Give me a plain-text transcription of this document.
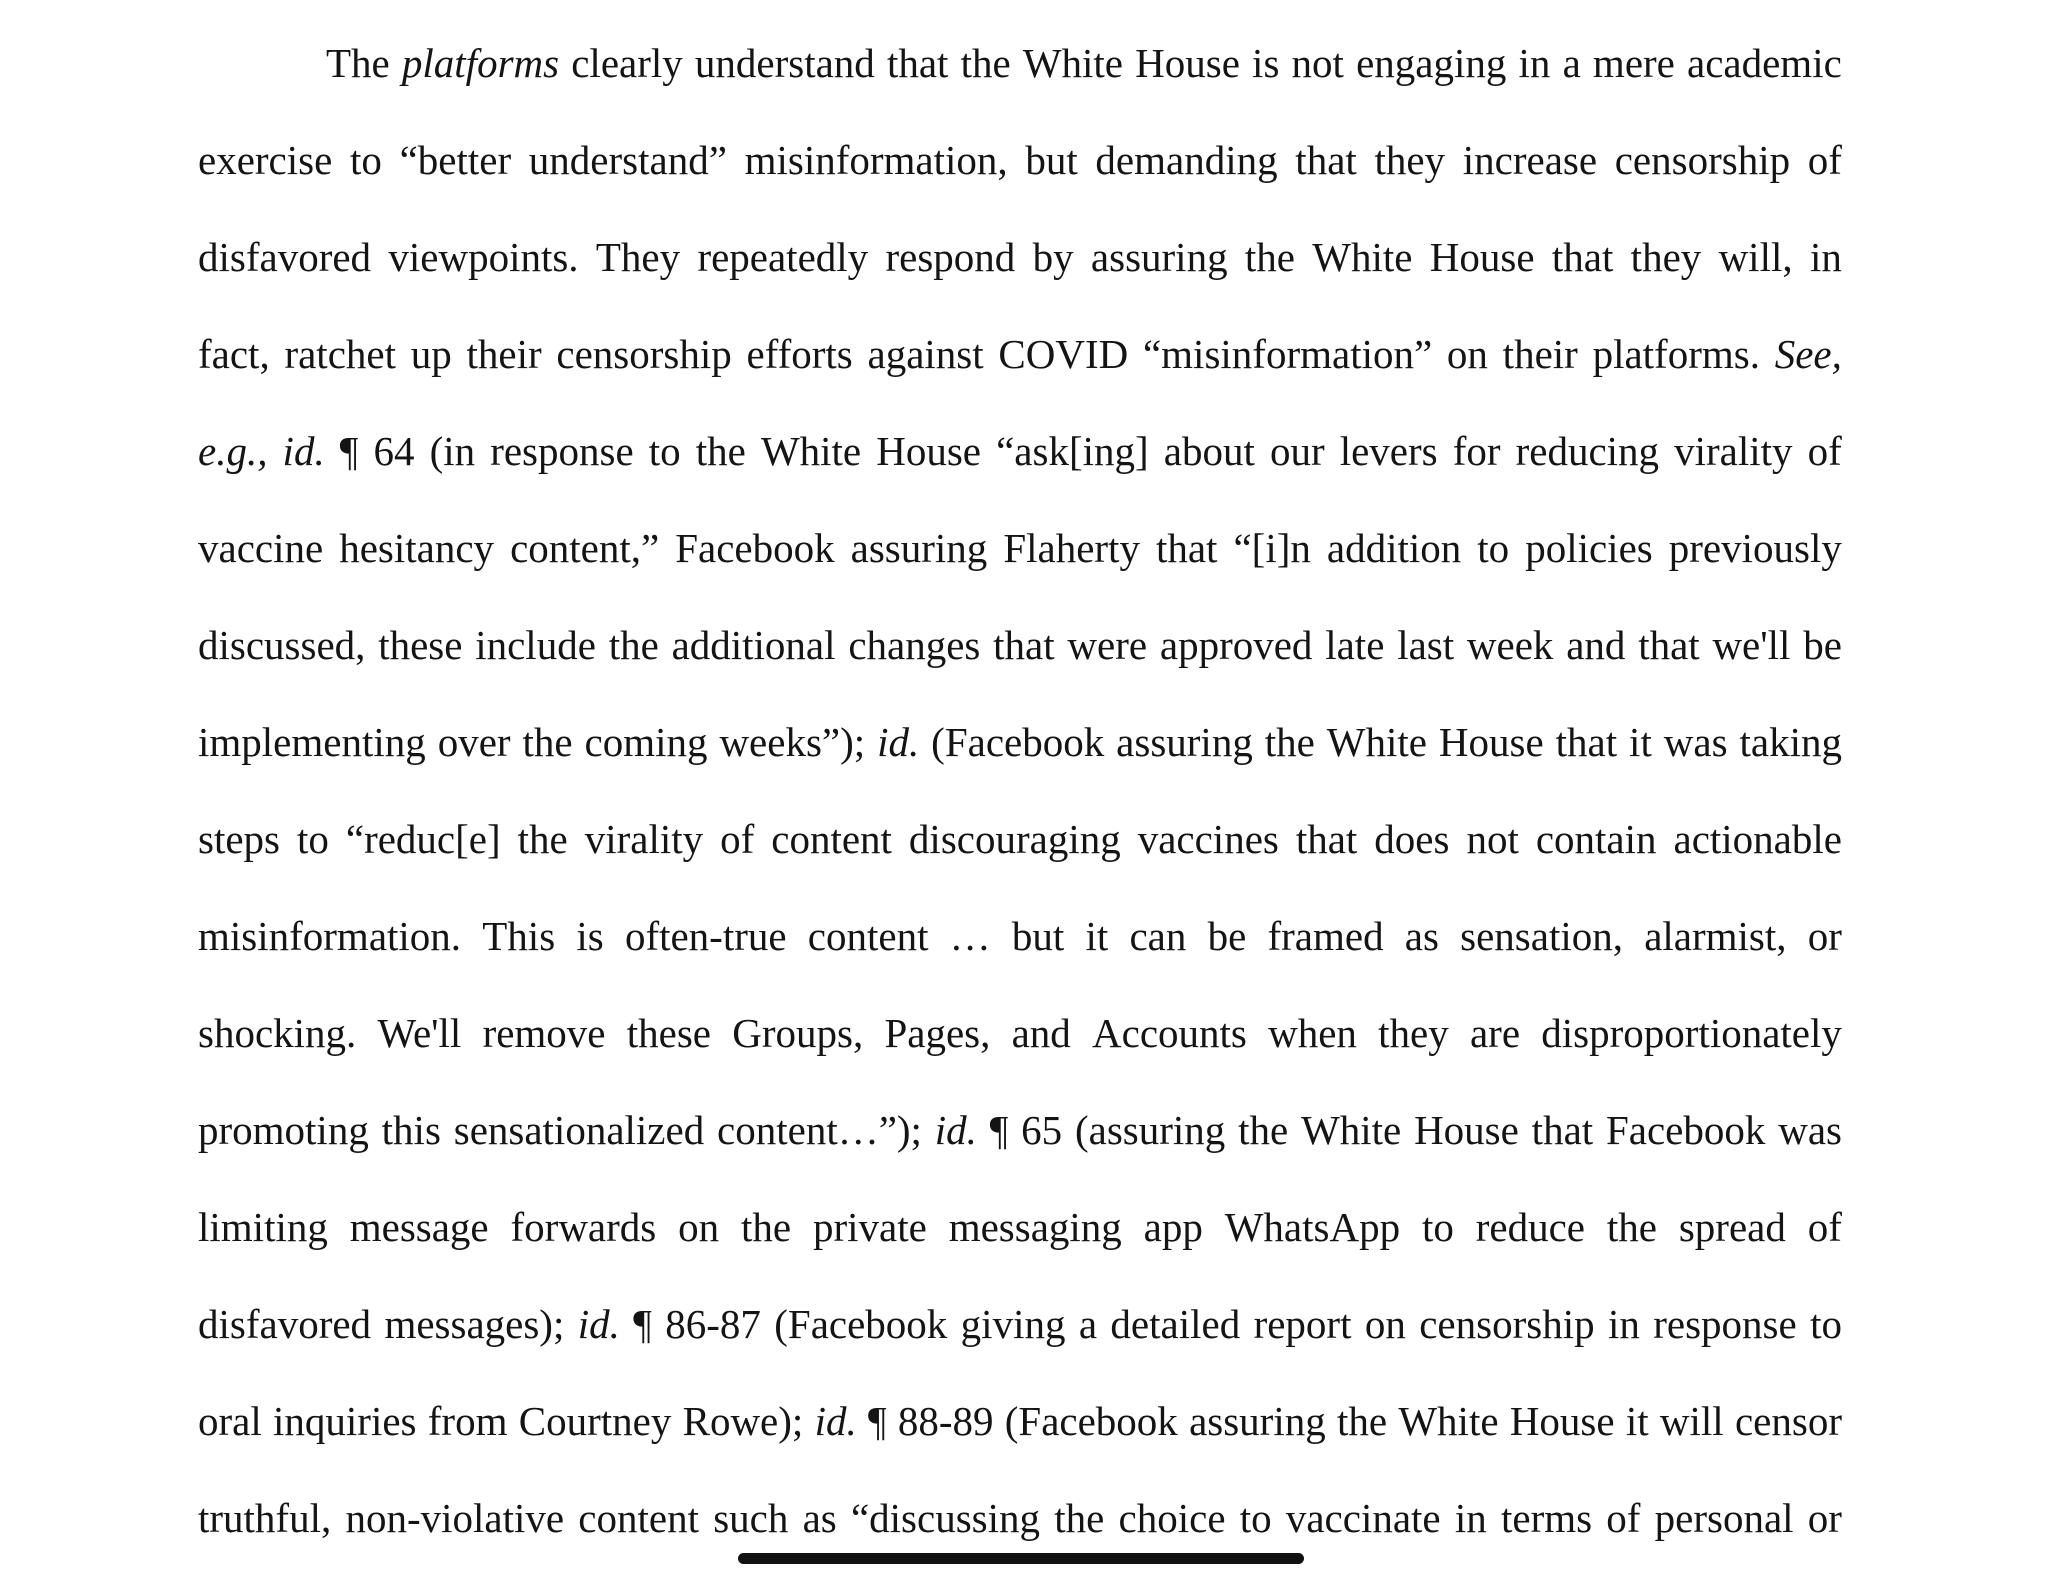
The platforms clearly understand that the White House is not engaging in a mere academic
exercise to “better understand” misinformation, but demanding that they increase censorship of
disfavored viewpoints. They repeatedly respond by assuring the White House that they will, in
fact, ratchet up their censorship efforts against COVID “misinformation” on their platforms. See,
e.g., id. ¶ 64 (in response to the White House “ask[ing] about our levers for reducing virality of
vaccine hesitancy content,” Facebook assuring Flaherty that “[i]n addition to policies previously
discussed, these include the additional changes that were approved late last week and that we'll be
implementing over the coming weeks”); id. (Facebook assuring the White House that it was taking
steps to “reduc[e] the virality of content discouraging vaccines that does not contain actionable
misinformation. This is often-true content … but it can be framed as sensation, alarmist, or
shocking. We'll remove these Groups, Pages, and Accounts when they are disproportionately
promoting this sensationalized content…”); id. ¶ 65 (assuring the White House that Facebook was
limiting message forwards on the private messaging app WhatsApp to reduce the spread of
disfavored messages); id. ¶ 86-87 (Facebook giving a detailed report on censorship in response to
oral inquiries from Courtney Rowe); id. ¶ 88-89 (Facebook assuring the White House it will censor
truthful, non-violative content such as “discussing the choice to vaccinate in terms of personal or
